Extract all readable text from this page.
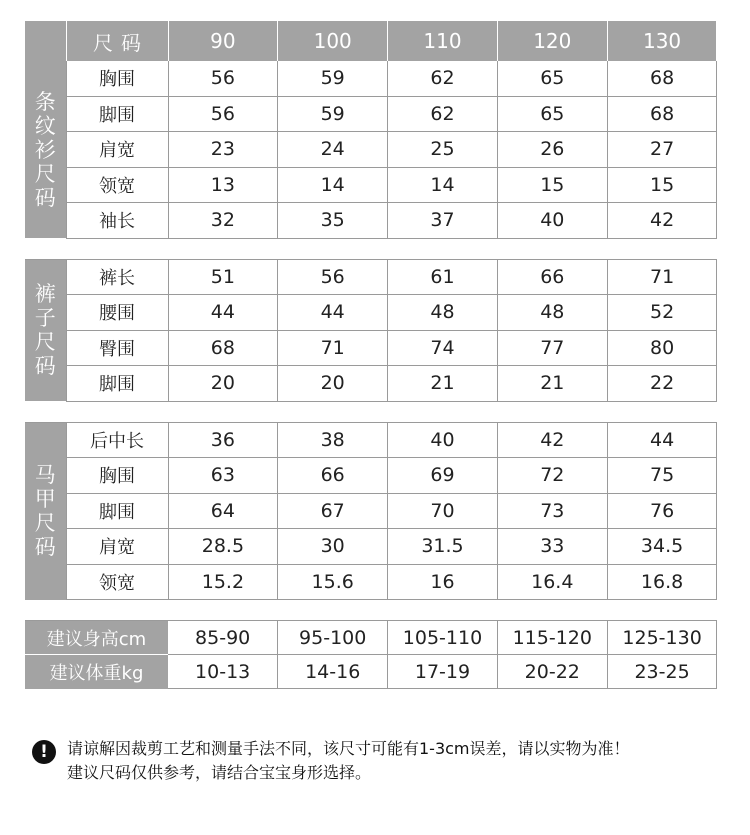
	尺码	90	100	110	120	130

条
纹
衫
尺
码	胸围	56	59	62	65	68
	脚围	56	59	62	65	68
	肩宽	23	24	25	26	27
	领宽	13	14	14	15	15
	袖长	32	35	37	40	42

裤
子
尺
码	裤长	51	56	61	66	71
	腰围	44	44	48	48	52
	臀围	68	71	74	77	80
	脚围	20	20	21	21	22

马
甲
尺
码	后中长	36	38	40	42	44
	胸围	63	66	69	72	75
	脚围	64	67	70	73	76
	肩宽	28.5	30	31.5	33	34.5
	领宽	15.2	15.6	16	16.4	16.8

建议身高cm		85-90	95-100	105-110	115-120	125-130
建议体重kg		10-13	14-16	17-19	20-22	23-25
!	请谅解因裁剪工艺和测量手法不同，该尺寸可能有1-3cm误差，请以实物为准！
建议尺码仅供参考，请结合宝宝身形选择。
